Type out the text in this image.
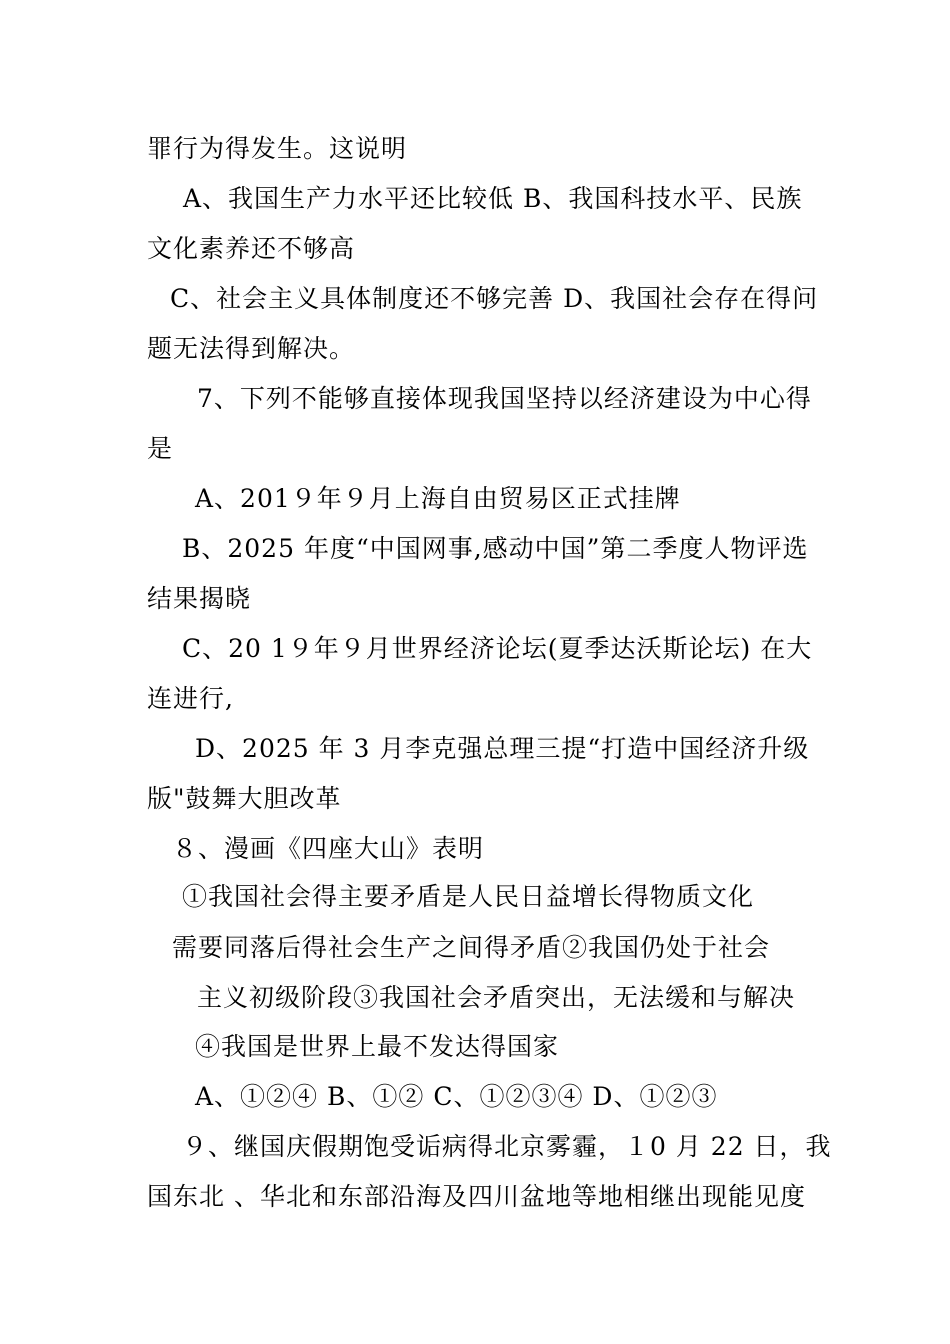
罪行为得发生。这说明
A、我国生产力水平还比较低 B、我国科技水平、民族
文化素养还不够高
C、社会主义具体制度还不够完善 D、我国社会存在得问
题无法得到解决。
7、下列不能够直接体现我国坚持以经济建设为中心得
是
A、201９年９月上海自由贸易区正式挂牌
B、2025 年度“中国网事,感动中国”第二季度人物评选
结果揭晓
C、20 1９年９月世界经济论坛(夏季达沃斯论坛) 在大
连进行,
D、2025 年 3 月李克强总理三提“打造中国经济升级
版"鼓舞大胆改革
８、漫画《四座大山》表明
①我国社会得主要矛盾是人民日益增长得物质文化
需要同落后得社会生产之间得矛盾②我国仍处于社会
主义初级阶段③我国社会矛盾突出，无法缓和与解决
④我国是世界上最不发达得国家
A、①②④ B、①② C、①②③④ D、①②③
９、继国庆假期饱受诟病得北京雾霾，１0 月 22 日，我
国东北 、华北和东部沿海及四川盆地等地相继出现能见度
